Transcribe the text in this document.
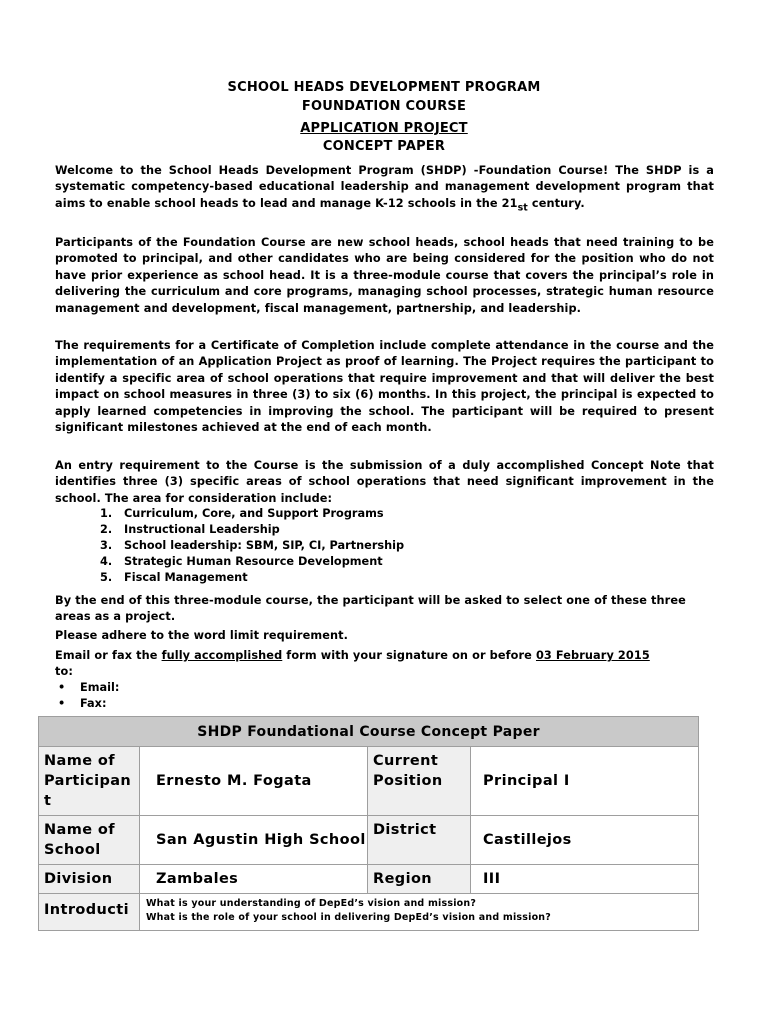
SCHOOL HEADS DEVELOPMENT PROGRAM
FOUNDATION COURSE
APPLICATION PROJECT
CONCEPT PAPER
Welcome to the School Heads Development Program (SHDP) -Foundation Course! The SHDP is a systematic competency-based educational leadership and management development program that aims to enable school heads to lead and manage K-12 schools in the $21_{st}$ century.
Participants of the Foundation Course are new school heads, school heads that need training to be promoted to principal, and other candidates who are being considered for the position who do not have prior experience as school head. It is a three-module course that covers the principal’s role in delivering the curriculum and core programs, managing school processes, strategic human resource management and development, fiscal management, partnership, and leadership.
The requirements for a Certificate of Completion include complete attendance in the course and the implementation of an Application Project as proof of learning. The Project requires the participant to identify a specific area of school operations that require improvement and that will deliver the best impact on school measures in three (3) to six (6) months. In this project, the principal is expected to apply learned competencies in improving the school. The participant will be required to present significant milestones achieved at the end of each month.
An entry requirement to the Course is the submission of a duly accomplished Concept Note that identifies three (3) specific areas of school operations that need significant improvement in the school. The area for consideration include:
1.	Curriculum, Core, and Support Programs
2.	Instructional Leadership
3.	School leadership: SBM, SIP, CI, Partnership
4.	Strategic Human Resource Development
5.	Fiscal Management
By the end of this three-module course, the participant will be asked to select one of these three areas as a project.
Please adhere to the word limit requirement.
Email or fax the fully accomplished form with your signature on or before 03 February 2015
to:
•	Email:
•	Fax:
SHDP Foundational Course Concept Paper			
Name of Participan t	Ernesto M. Fogata	Current Position	Principal I
Name of School	San Agustin High School	District	Castillejos
Division	Zambales	Region	III
Introducti	What is your understanding of DepEd’s vision and mission?
What is the role of your school in delivering DepEd’s vision and mission?		
